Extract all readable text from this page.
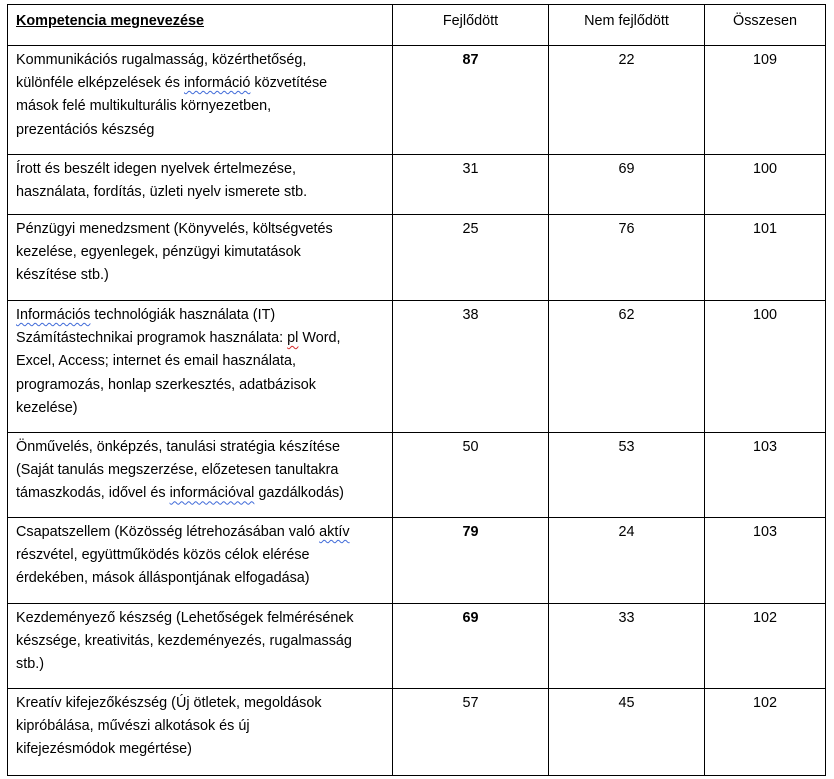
Kompetencia megnevezése	Fejlődött	Nem fejlődött	Összesen
Kommunikációs rugalmasság, közérthetőség,
különféle elképzelések és információ közvetítése
mások felé multikulturális környezetben,
prezentációs készség	87	22	109
Írott és beszélt idegen nyelvek értelmezése,
használata, fordítás, üzleti nyelv ismerete stb.	31	69	100
Pénzügyi menedzsment (Könyvelés, költségvetés
kezelése, egyenlegek, pénzügyi kimutatások
készítése stb.)	25	76	101
Információs technológiák használata (IT)
Számítástechnikai programok használata: pl Word,
Excel, Access; internet és email használata,
programozás, honlap szerkesztés, adatbázisok
kezelése)	38	62	100
Önművelés, önképzés, tanulási stratégia készítése
(Saját tanulás megszerzése, előzetesen tanultakra
támaszkodás, idővel és információval gazdálkodás)	50	53	103
Csapatszellem (Közösség létrehozásában való aktív
részvétel, együttműködés közös célok elérése
érdekében, mások álláspontjának elfogadása)	79	24	103
Kezdeményező készség (Lehetőségek felmérésének
készsége, kreativitás, kezdeményezés, rugalmasság
stb.)	69	33	102
Kreatív kifejezőkészség (Új ötletek, megoldások
kipróbálása, művészi alkotások és új
kifejezésmódok megértése)	57	45	102
